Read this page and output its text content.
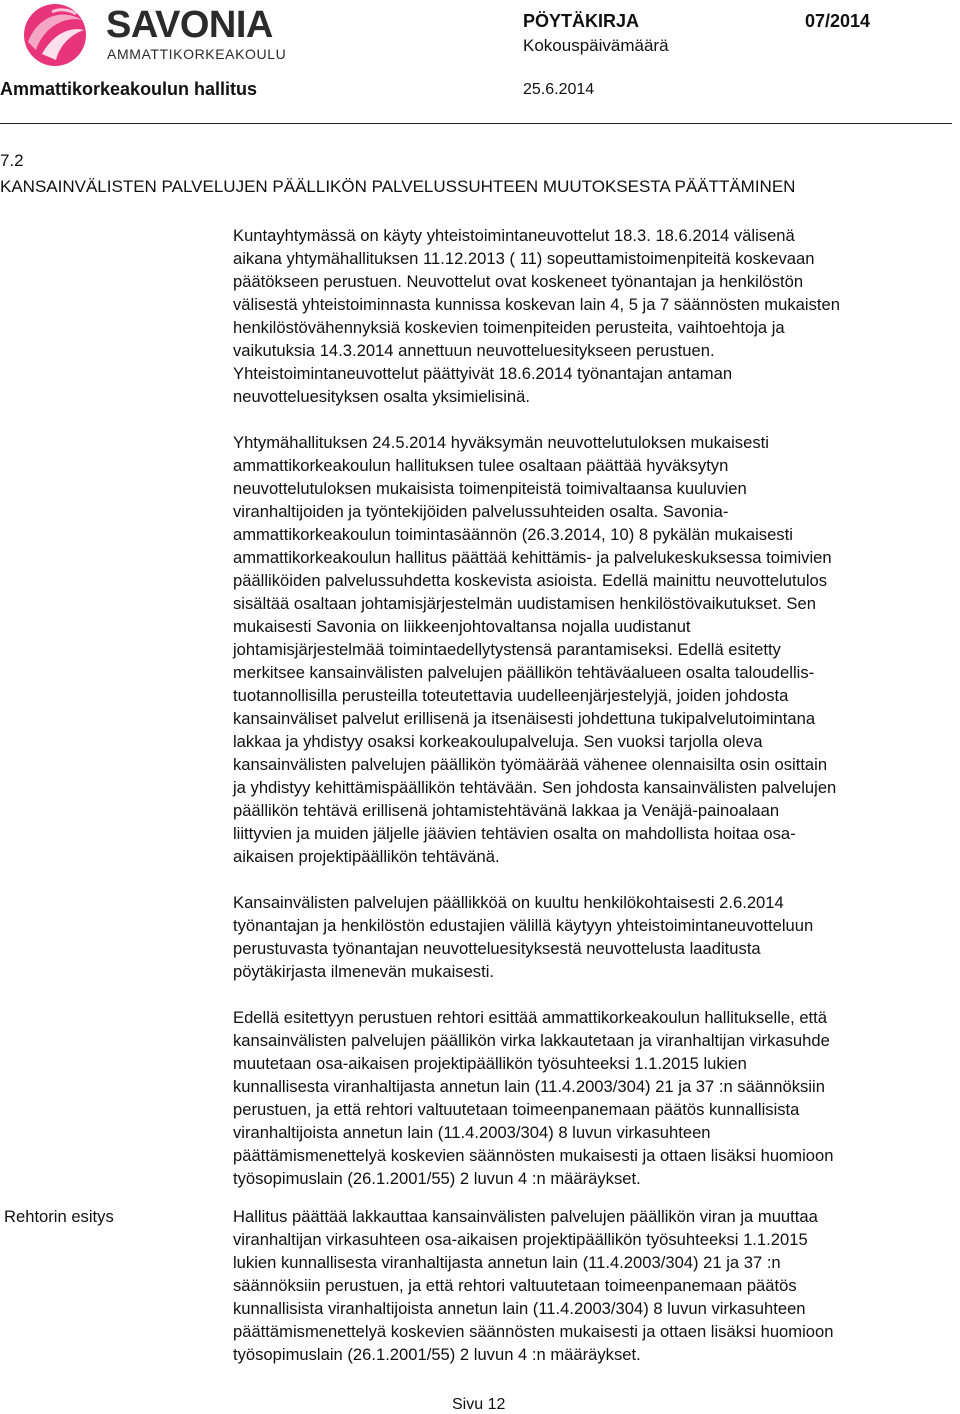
SAVONIA
AMMATTIKORKEAKOULU
PÖYTÄKIRJA	07/2014
Kokouspäivämäärä
Ammattikorkeakoulun hallitus	25.6.2014
7.2
KANSAINVÄLISTEN PALVELUJEN PÄÄLLIKÖN PALVELUSSUHTEEN MUUTOKSESTA PÄÄTTÄMINEN

Kuntayhtymässä on käyty yhteistoimintaneuvottelut 18.3. 18.6.2014 välisenä
aikana yhtymähallituksen 11.12.2013 ( 11) sopeuttamistoimenpiteitä koskevaan
päätökseen perustuen. Neuvottelut ovat koskeneet työnantajan ja henkilöstön
välisestä yhteistoiminnasta kunnissa koskevan lain 4, 5 ja 7 säännösten mukaisten
henkilöstövähennyksiä koskevien toimenpiteiden perusteita, vaihtoehtoja ja
vaikutuksia 14.3.2014 annettuun neuvotteluesitykseen perustuen.
Yhteistoimintaneuvottelut päättyivät 18.6.2014 työnantajan antaman
neuvotteluesityksen osalta yksimielisinä.

Yhtymähallituksen 24.5.2014 hyväksymän neuvottelutuloksen mukaisesti
ammattikorkeakoulun hallituksen tulee osaltaan päättää hyväksytyn
neuvottelutuloksen mukaisista toimenpiteistä toimivaltaansa kuuluvien
viranhaltijoiden ja työntekijöiden palvelussuhteiden osalta. Savonia-
ammattikorkeakoulun toimintasäännön (26.3.2014, 10) 8 pykälän mukaisesti
ammattikorkeakoulun hallitus päättää kehittämis- ja palvelukeskuksessa toimivien
päälliköiden palvelussuhdetta koskevista asioista. Edellä mainittu neuvottelutulos
sisältää osaltaan johtamisjärjestelmän uudistamisen henkilöstövaikutukset. Sen
mukaisesti Savonia on liikkeenjohtovaltansa nojalla uudistanut
johtamisjärjestelmää toimintaedellytystensä parantamiseksi. Edellä esitetty
merkitsee kansainvälisten palvelujen päällikön tehtäväalueen osalta taloudellis-
tuotannollisilla perusteilla toteutettavia uudelleenjärjestelyjä, joiden johdosta
kansainväliset palvelut erillisenä ja itsenäisesti johdettuna tukipalvelutoimintana
lakkaa ja yhdistyy osaksi korkeakoulupalveluja. Sen vuoksi tarjolla oleva
kansainvälisten palvelujen päällikön työmäärää vähenee olennaisilta osin osittain
ja yhdistyy kehittämispäällikön tehtävään. Sen johdosta kansainvälisten palvelujen
päällikön tehtävä erillisenä johtamistehtävänä lakkaa ja Venäjä-painoalaan
liittyvien ja muiden jäljelle jäävien tehtävien osalta on mahdollista hoitaa osa-
aikaisen projektipäällikön tehtävänä.

Kansainvälisten palvelujen päällikköä on kuultu henkilökohtaisesti 2.6.2014
työnantajan ja henkilöstön edustajien välillä käytyyn yhteistoimintaneuvotteluun
perustuvasta työnantajan neuvotteluesityksestä neuvottelusta laaditusta
pöytäkirjasta ilmenevän mukaisesti.

Edellä esitettyyn perustuen rehtori esittää ammattikorkeakoulun hallitukselle, että
kansainvälisten palvelujen päällikön virka lakkautetaan ja viranhaltijan virkasuhde
muutetaan osa-aikaisen projektipäällikön työsuhteeksi 1.1.2015 lukien
kunnallisesta viranhaltijasta annetun lain (11.4.2003/304) 21 ja 37 :n säännöksiin
perustuen, ja että rehtori valtuutetaan toimeenpanemaan päätös kunnallisista
viranhaltijoista annetun lain (11.4.2003/304) 8 luvun virkasuhteen
päättämismenettelyä koskevien säännösten mukaisesti ja ottaen lisäksi huomioon
työsopimuslain (26.1.2001/55) 2 luvun 4 :n määräykset.

Rehtorin esitys	Hallitus päättää lakkauttaa kansainvälisten palvelujen päällikön viran ja muuttaa
viranhaltijan virkasuhteen osa-aikaisen projektipäällikön työsuhteeksi 1.1.2015
lukien kunnallisesta viranhaltijasta annetun lain (11.4.2003/304) 21 ja 37 :n
säännöksiin perustuen, ja että rehtori valtuutetaan toimeenpanemaan päätös
kunnallisista viranhaltijoista annetun lain (11.4.2003/304) 8 luvun virkasuhteen
päättämismenettelyä koskevien säännösten mukaisesti ja ottaen lisäksi huomioon
työsopimuslain (26.1.2001/55) 2 luvun 4 :n määräykset.
Sivu 12
